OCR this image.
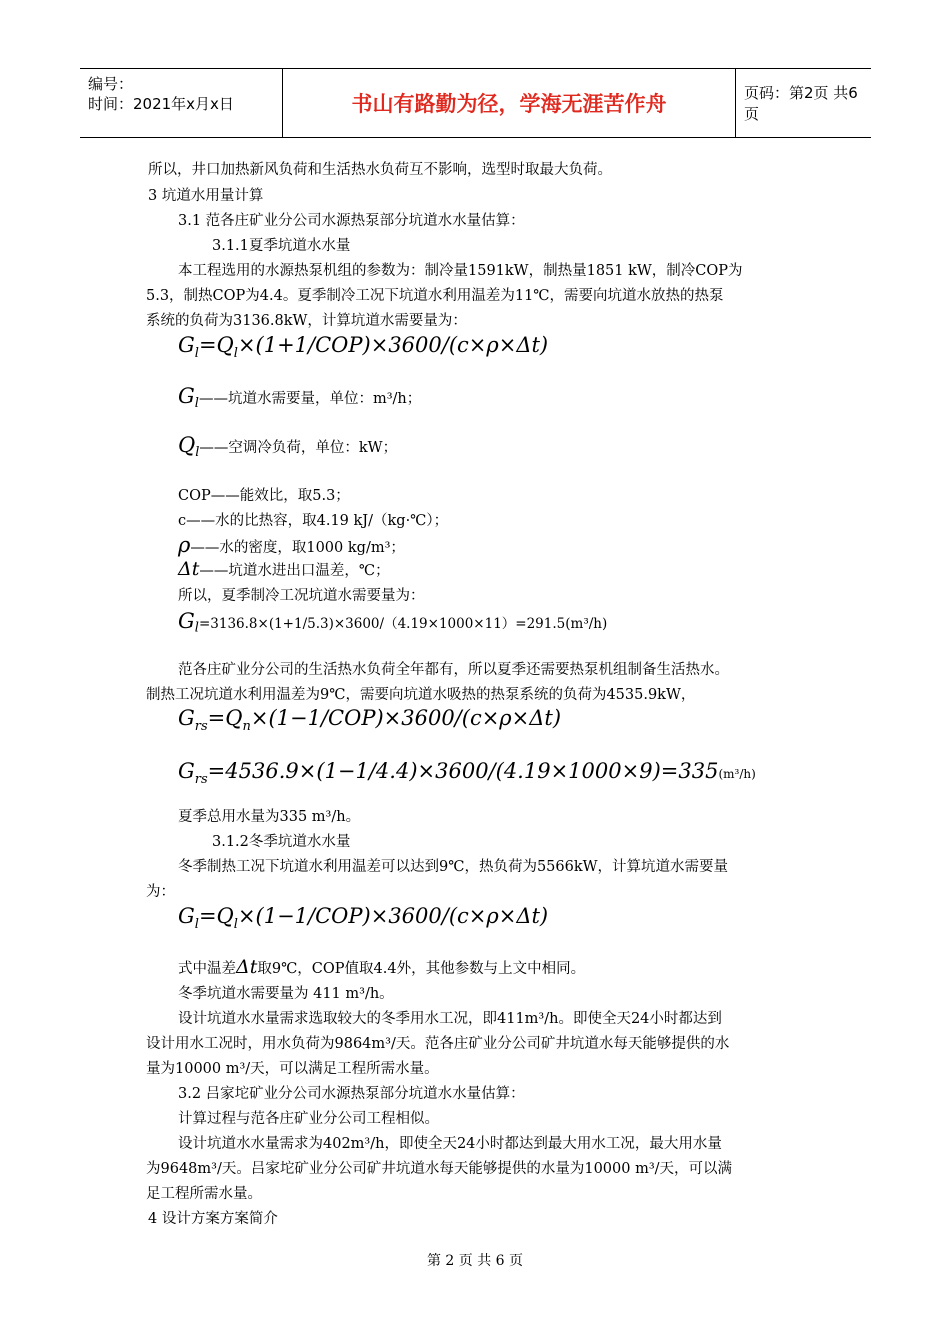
编号：
时间：2021年x月x日	书山有路勤为径，学海无涯苦作舟	页码：第2页 共6页
所以，井口加热新风负荷和生活热水负荷互不影响，选型时取最大负荷。
3 坑道水用量计算
3.1 范各庄矿业分公司水源热泵部分坑道水水量估算：
3.1.1夏季坑道水水量
本工程选用的水源热泵机组的参数为：制冷量1591kW，制热量1851 kW，制冷COP为
5.3，制热COP为4.4。夏季制冷工况下坑道水利用温差为11℃，需要向坑道水放热的热泵
系统的负荷为3136.8kW，计算坑道水需要量为：
$G_l=Q_l\times(1+1/COP)\times 3600/(c\times\rho\times\Delta t)$
$G_l——$坑道水需要量，单位：m³/h；
$Q_l——$空调冷负荷，单位：kW；
COP——能效比，取5.3；
c——水的比热容，取4.19 kJ/（kg·℃）；
ρ——水的密度，取1000 kg/m³；
Δt——坑道水进出口温差，℃；
所以，夏季制冷工况坑道水需要量为：
$G_l=3136.8\times(1+1/5.3)\times 3600/(4.19\times 1000\times 11)=291.5(m^3/h)$
范各庄矿业分公司的生活热水负荷全年都有，所以夏季还需要热泵机组制备生活热水。
制热工况坑道水利用温差为9℃，需要向坑道水吸热的热泵系统的负荷为4535.9kW，
$G_{rs}=Q_n\times(1-1/COP)\times 3600/(c\times\rho\times\Delta t)$
$G_{rs}=4536.9\times(1-1/4.4)\times 3600/(4.19\times 1000\times 9)=335(m^3/h)$
夏季总用水量为335 m³/h。
3.1.2冬季坑道水水量
冬季制热工况下坑道水利用温差可以达到9℃，热负荷为5566kW，计算坑道水需要量
为：
$G_l=Q_l\times(1-1/COP)\times 3600/(c\times\rho\times\Delta t)$
式中温差Δt取9℃，COP值取4.4外，其他参数与上文中相同。
冬季坑道水需要量为 411 m³/h。
设计坑道水水量需求选取较大的冬季用水工况，即411m³/h。即使全天24小时都达到
设计用水工况时，用水负荷为9864m³/天。范各庄矿业分公司矿井坑道水每天能够提供的水
量为10000 m³/天，可以满足工程所需水量。
3.2 吕家坨矿业分公司水源热泵部分坑道水水量估算：
计算过程与范各庄矿业分公司工程相似。
设计坑道水水量需求为402m³/h，即使全天24小时都达到最大用水工况，最大用水量
为9648m³/天。吕家坨矿业分公司矿井坑道水每天能够提供的水量为10000 m³/天，可以满
足工程所需水量。
4 设计方案方案简介
第 2 页 共 6 页
